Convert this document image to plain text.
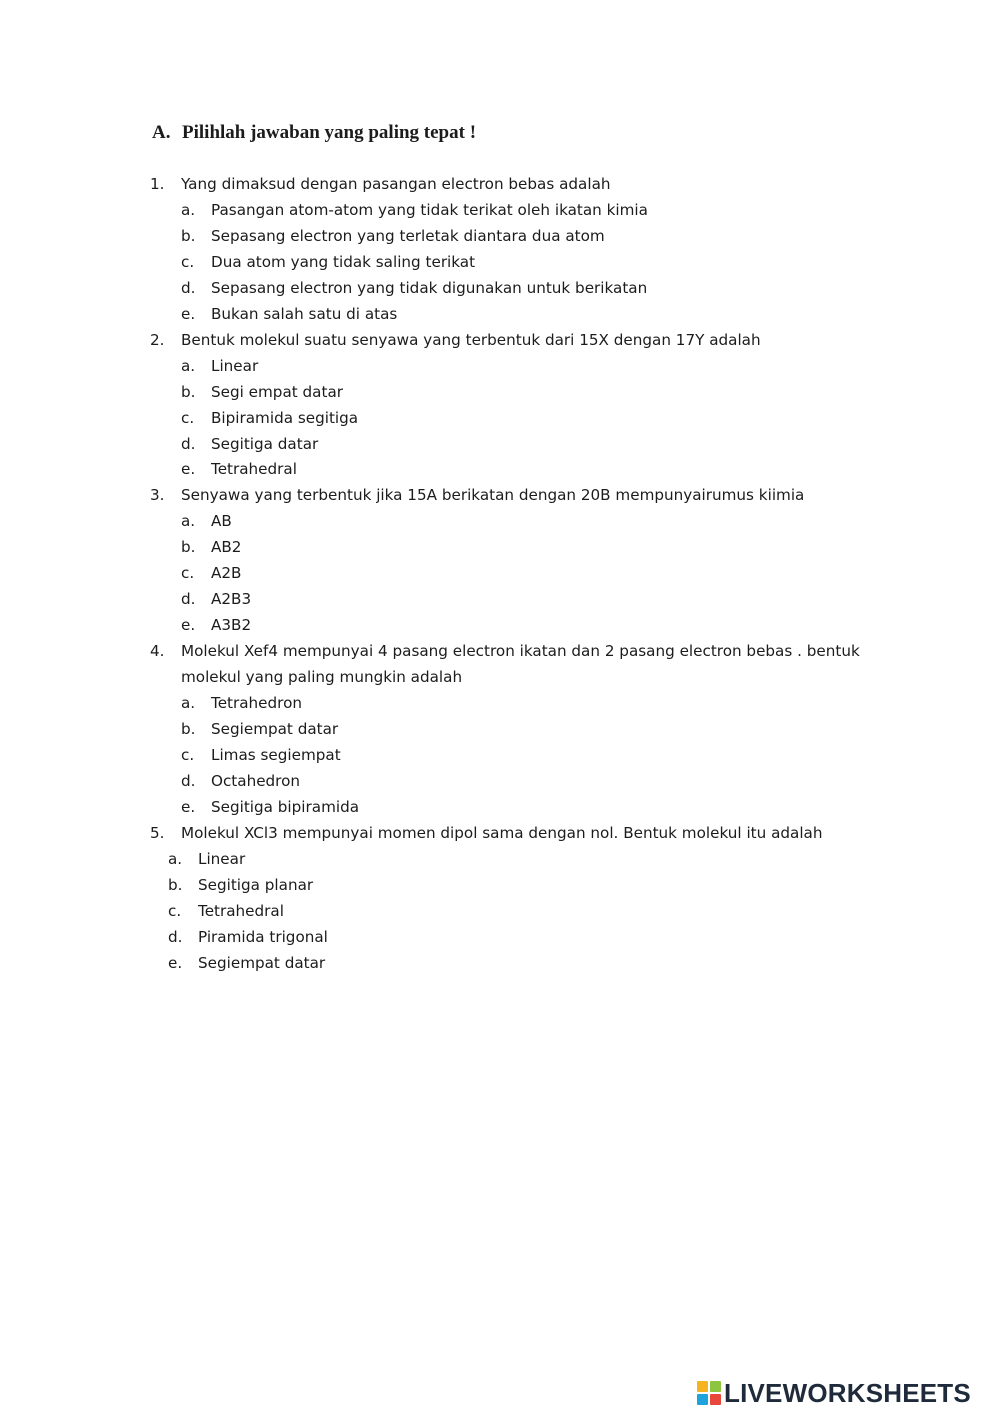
A. Pilihlah jawaban yang paling tepat !
1. Yang dimaksud dengan pasangan electron bebas adalah
a. Pasangan atom-atom yang tidak terikat oleh ikatan kimia
b. Sepasang electron yang terletak diantara dua atom
c. Dua atom yang tidak saling terikat
d. Sepasang electron yang tidak digunakan untuk berikatan
e. Bukan salah satu di atas
2. Bentuk molekul suatu senyawa yang terbentuk dari 15X dengan 17Y adalah
a. Linear
b. Segi empat datar
c. Bipiramida segitiga
d. Segitiga datar
e. Tetrahedral
3. Senyawa yang terbentuk jika 15A berikatan dengan 20B mempunyairumus kiimia
a. AB
b. AB2
c. A2B
d. A2B3
e. A3B2
4. Molekul Xef4 mempunyai 4 pasang electron ikatan dan 2 pasang electron bebas . bentuk
molekul yang paling mungkin adalah
a. Tetrahedron
b. Segiempat datar
c. Limas segiempat
d. Octahedron
e. Segitiga bipiramida
5. Molekul XCl3 mempunyai momen dipol sama dengan nol. Bentuk molekul itu adalah
a. Linear
b. Segitiga planar
c. Tetrahedral
d. Piramida trigonal
e. Segiempat datar
LIVEWORKSHEETS
